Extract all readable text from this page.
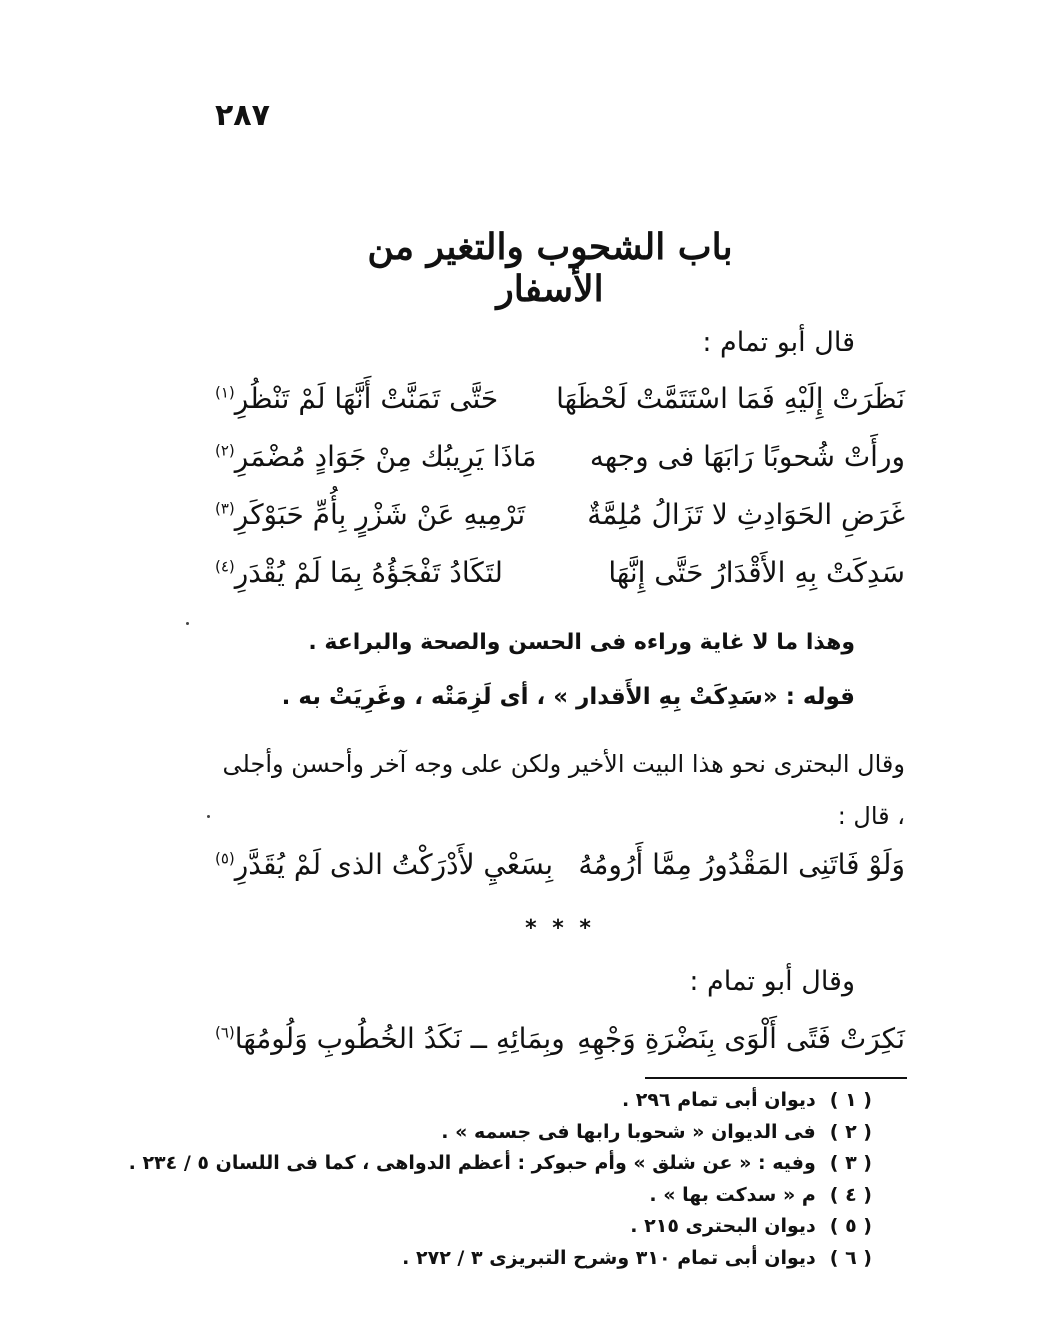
٢٨٧
باب الشحوب والتغير من الأسفار
قال أبو تمام :
نَظَرَتْ إِلَيْهِ فَمَا اسْتَتَمَّتْ لَحْظَهَا
حَتَّى تَمَنَّتْ أَنَّهَا لَمْ تَنْظُرِ$^{(١)}$
ورأَتْ شُحوبًا رَابَهَا فى وجهه
مَاذَا يَرِيبُك مِنْ جَوَادٍ مُضْمَرِ$^{(٢)}$
غَرَضِ الحَوَادِثِ لا تَزَالُ مُلِمَّةٌ
تَرْمِيهِ عَنْ شَزْرٍ بِأُمِّ حَبَوْكَرِ$^{(٣)}$
سَدِكَتْ بِهِ الأَقْدَارُ حَتَّى إِنَّهَا
لتَكَادُ تَفْجَؤُهُ بِمَا لَمْ يُقْدَرِ$^{(٤)}$
وهذا ما لا غاية وراءه فى الحسن والصحة والبراعة .
قوله : «سَدِكَتْ بِهِ الأَقدار » ، أى لَزِمَتْه ، وغَرِيَتْ به .
وقال البحترى نحو هذا البيت الأخير ولكن على وجه آخر وأحسن وأجلى ، قال :
وَلَوْ فَاتَنِى المَقْدُورُ مِمَّا أَرُومُهُ
بِسَعْيِ لأَدْرَكْتُ الذى لَمْ يُقَدَّرِ$^{(٥)}$
* * *
وقال أبو تمام :
نَكِرَتْ فَتًى أَلْوَى بِنَضْرَةِ وَجْهِهِ
وبِمَائِهِ ــ نَكَدُ الخُطُوبِ وَلُومُهَا$^{(٦)}$
( ١ )ديوان أبى تمام ٢٩٦ .
( ٢ )فى الديوان « شحوبا رابها فى جسمه » .
( ٣ )وفيه : « عن شلق » وأم حبوكر : أعظم الدواهى ، كما فى اللسان ٥ / ٢٣٤ .
( ٤ )م « سدكت بها » .
( ٥ )ديوان البحترى ٢١٥ .
( ٦ )ديوان أبى تمام ٣١٠ وشرح التبريزى ٣ / ٢٧٢ .
